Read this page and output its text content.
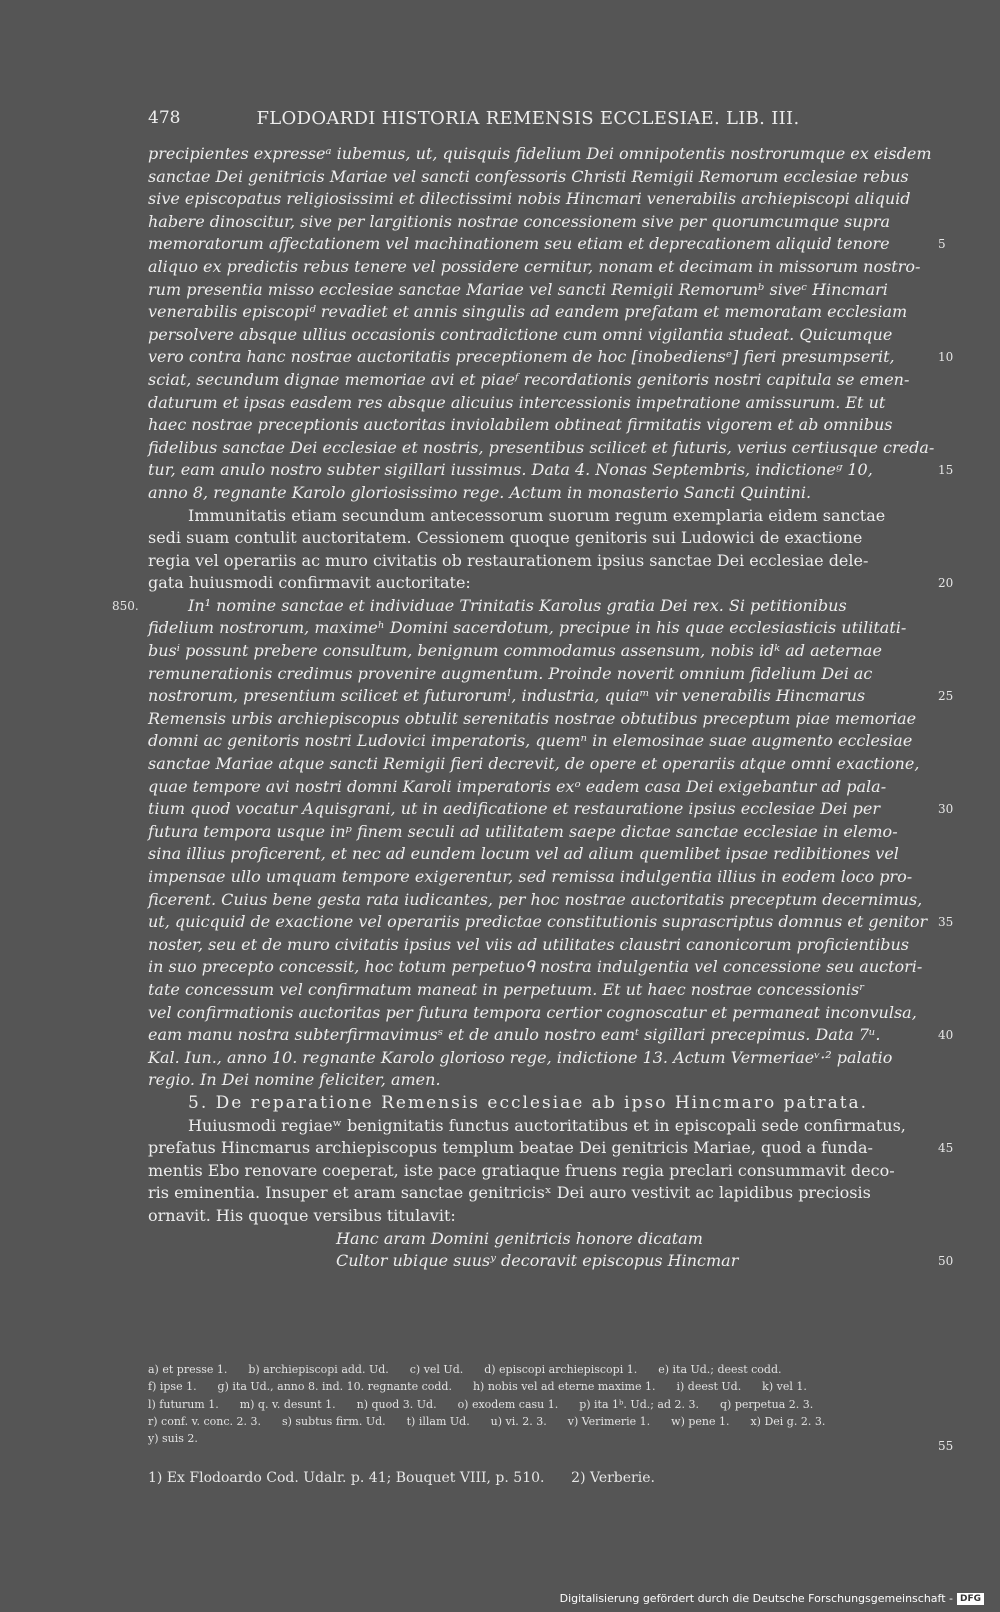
478	FLODOARDI HISTORIA REMENSIS ECCLESIAE. LIB. III.
precipientes expresseᵃ iubemus, ut, quisquis fidelium Dei omnipotentis nostrorumque ex eisdem
sanctae Dei genitricis Mariae vel sancti confessoris Christi Remigii Remorum ecclesiae rebus
sive episcopatus religiosissimi et dilectissimi nobis Hincmari venerabilis archiepiscopi aliquid
habere dinoscitur, sive per largitionis nostrae concessionem sive per quorumcumque supra
memoratorum affectationem vel machinationem seu etiam et deprecationem aliquid tenore	5
aliquo ex predictis rebus tenere vel possidere cernitur, nonam et decimam in missorum nostro-
rum presentia misso ecclesiae sanctae Mariae vel sancti Remigii Remorumᵇ siveᶜ Hincmari
venerabilis episcopiᵈ revadiet et annis singulis ad eandem prefatam et memoratam ecclesiam
persolvere absque ullius occasionis contradictione cum omni vigilantia studeat. Quicumque
vero contra hanc nostrae auctoritatis preceptionem de hoc [inobediensᵉ] fieri presumpserit,	10
sciat, secundum dignae memoriae avi et piaeᶠ recordationis genitoris nostri capitula se emen-
daturum et ipsas easdem res absque alicuius intercessionis impetratione amissurum. Et ut
haec nostrae preceptionis auctoritas inviolabilem obtineat firmitatis vigorem et ab omnibus
fidelibus sanctae Dei ecclesiae et nostris, presentibus scilicet et futuris, verius certiusque creda-
tur, eam anulo nostro subter sigillari iussimus. Data 4. Nonas Septembris, indictioneᵍ 10,	15
anno 8, regnante Karolo gloriosissimo rege. Actum in monasterio Sancti Quintini.
Immunitatis etiam secundum antecessorum suorum regum exemplaria eidem sanctae
sedi suam contulit auctoritatem. Cessionem quoque genitoris sui Ludowici de exactione
regia vel operariis ac muro civitatis ob restaurationem ipsius sanctae Dei ecclesiae dele-
gata huiusmodi confirmavit auctoritate:	20
In¹ nomine sanctae et individuae Trinitatis Karolus gratia Dei rex. Si petitionibus
850.
fidelium nostrorum, maximeʰ Domini sacerdotum, precipue in his quae ecclesiasticis utilitati-
busⁱ possunt prebere consultum, benignum commodamus assensum, nobis idᵏ ad aeternae
remunerationis credimus provenire augmentum. Proinde noverit omnium fidelium Dei ac
nostrorum, presentium scilicet et futurorumˡ, industria, quiaᵐ vir venerabilis Hincmarus	25
Remensis urbis archiepiscopus obtulit serenitatis nostrae obtutibus preceptum piae memoriae
domni ac genitoris nostri Ludovici imperatoris, quemⁿ in elemosinae suae augmento ecclesiae
sanctae Mariae atque sancti Remigii fieri decrevit, de opere et operariis atque omni exactione,
quae tempore avi nostri domni Karoli imperatoris exᵒ eadem casa Dei exigebantur ad pala-
tium quod vocatur Aquisgrani, ut in aedificatione et restauratione ipsius ecclesiae Dei per	30
futura tempora usque inᵖ finem seculi ad utilitatem saepe dictae sanctae ecclesiae in elemo-
sina illius proficerent, et nec ad eundem locum vel ad alium quemlibet ipsae redibitiones vel
impensae ullo umquam tempore exigerentur, sed remissa indulgentia illius in eodem loco pro-
ficerent. Cuius bene gesta rata iudicantes, per hoc nostrae auctoritatis preceptum decernimus,
ut, quicquid de exactione vel operariis predictae constitutionis suprascriptus domnus et genitor 35
noster, seu et de muro civitatis ipsius vel viis ad utilitates claustri canonicorum proficientibus
in suo precepto concessit, hoc totum perpetuoᑫ nostra indulgentia vel concessione seu auctori-
tate concessum vel confirmatum maneat in perpetuum. Et ut haec nostrae concessionisʳ
vel confirmationis auctoritas per futura tempora certior cognoscatur et permaneat inconvulsa,
eam manu nostra subterfirmavimusˢ et de anulo nostro eamᵗ sigillari precepimus. Data 7ᵘ.	40
Kal. Iun., anno 10. regnante Karolo glorioso rege, indictione 13. Actum Vermeriaeᵛ·² palatio
regio. In Dei nomine feliciter, amen.
5. De reparatione Remensis ecclesiae ab ipso Hincmaro patrata.
Huiusmodi regiaeʷ benignitatis functus auctoritatibus et in episcopali sede confirmatus,
prefatus Hincmarus archiepiscopus templum beatae Dei genitricis Mariae, quod a funda-	45
mentis Ebo renovare coeperat, iste pace gratiaque fruens regia preclari consummavit deco-
ris eminentia. Insuper et aram sanctae genitricisˣ Dei auro vestivit ac lapidibus preciosis
ornavit. His quoque versibus titulavit:
Hanc aram Domini genitricis honore dicatam
Cultor ubique suusʸ decoravit episcopus Hincmar	50
a) et presse 1.      b) archiepiscopi add. Ud.      c) vel Ud.      d) episcopi archiepiscopi 1.      e) ita Ud.; deest codd.
f) ipse 1.      g) ita Ud., anno 8. ind. 10. regnante codd.      h) nobis vel ad eterne maxime 1.      i) deest Ud.      k) vel 1.
l) futurum 1.      m) q. v. desunt 1.      n) quod 3. Ud.      o) exodem casu 1.      p) ita 1ᵇ. Ud.; ad 2. 3.      q) perpetua 2. 3.
r) conf. v. conc. 2. 3.      s) subtus firm. Ud.      t) illam Ud.      u) vi. 2. 3.      v) Verimerie 1.      w) pene 1.      x) Dei g. 2. 3.
y) suis 2.
55
1) Ex Flodoardo Cod. Udalr. p. 41; Bouquet VIII, p. 510.      2) Verberie.
Digitalisierung gefördert durch die Deutsche Forschungsgemeinschaft - DFG
